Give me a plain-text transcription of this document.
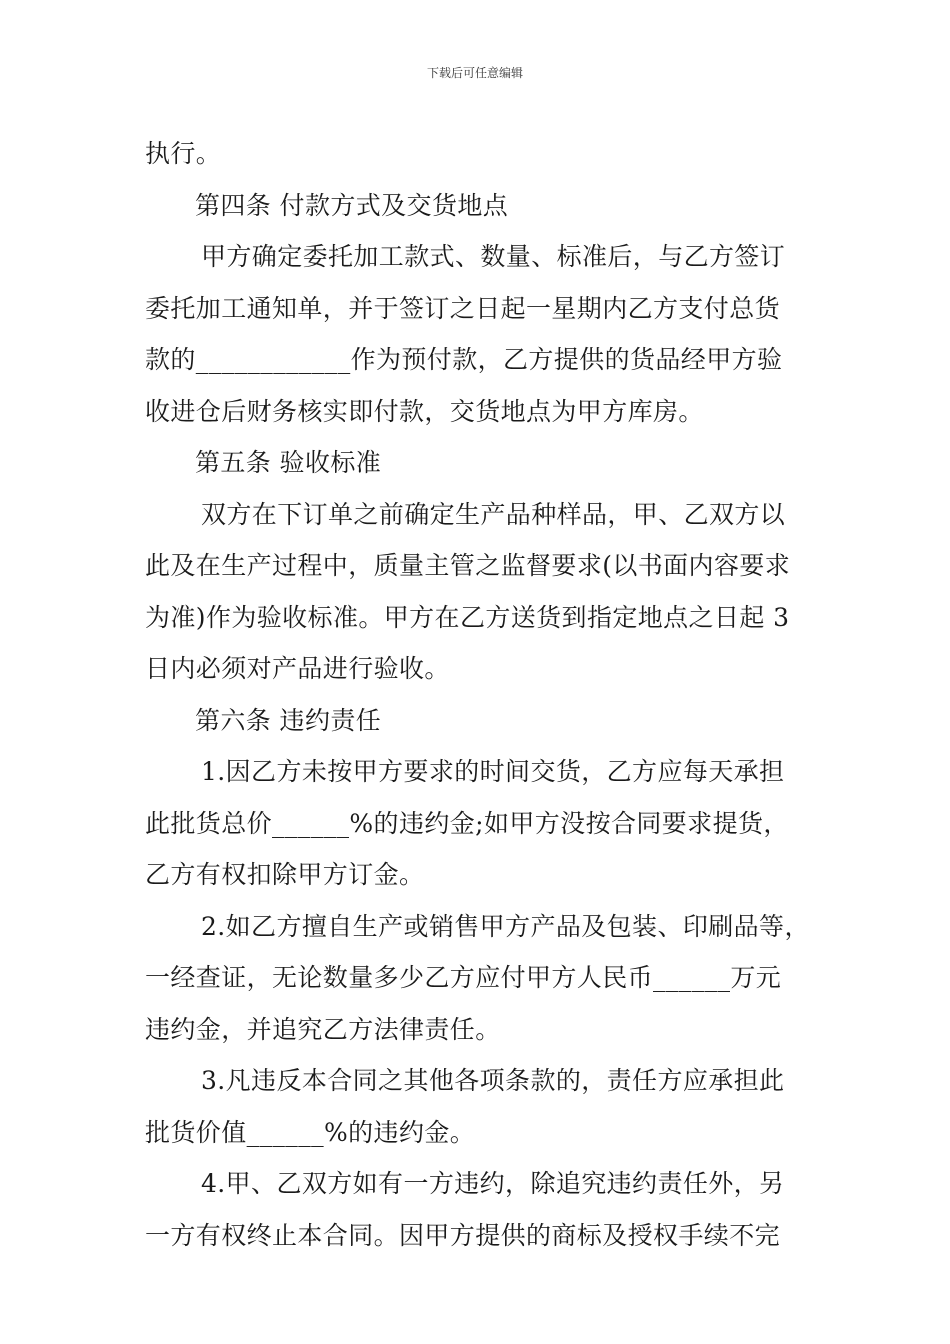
下载后可任意编辑
执行。
第四条 付款方式及交货地点
甲方确定委托加工款式、数量、标准后，与乙方签订
委托加工通知单，并于签订之日起一星期内乙方支付总货
款的____________作为预付款，乙方提供的货品经甲方验
收进仓后财务核实即付款，交货地点为甲方库房。
第五条 验收标准
双方在下订单之前确定生产品种样品，甲、乙双方以
此及在生产过程中，质量主管之监督要求(以书面内容要求
为准)作为验收标准。甲方在乙方送货到指定地点之日起 3
日内必须对产品进行验收。
第六条 违约责任
1.因乙方未按甲方要求的时间交货，乙方应每天承担
此批货总价______%的违约金;如甲方没按合同要求提货，
乙方有权扣除甲方订金。
2.如乙方擅自生产或销售甲方产品及包装、印刷品等，
一经查证，无论数量多少乙方应付甲方人民币______万元
违约金，并追究乙方法律责任。
3.凡违反本合同之其他各项条款的，责任方应承担此
批货价值______%的违约金。
4.甲、乙双方如有一方违约，除追究违约责任外，另
一方有权终止本合同。因甲方提供的商标及授权手续不完
